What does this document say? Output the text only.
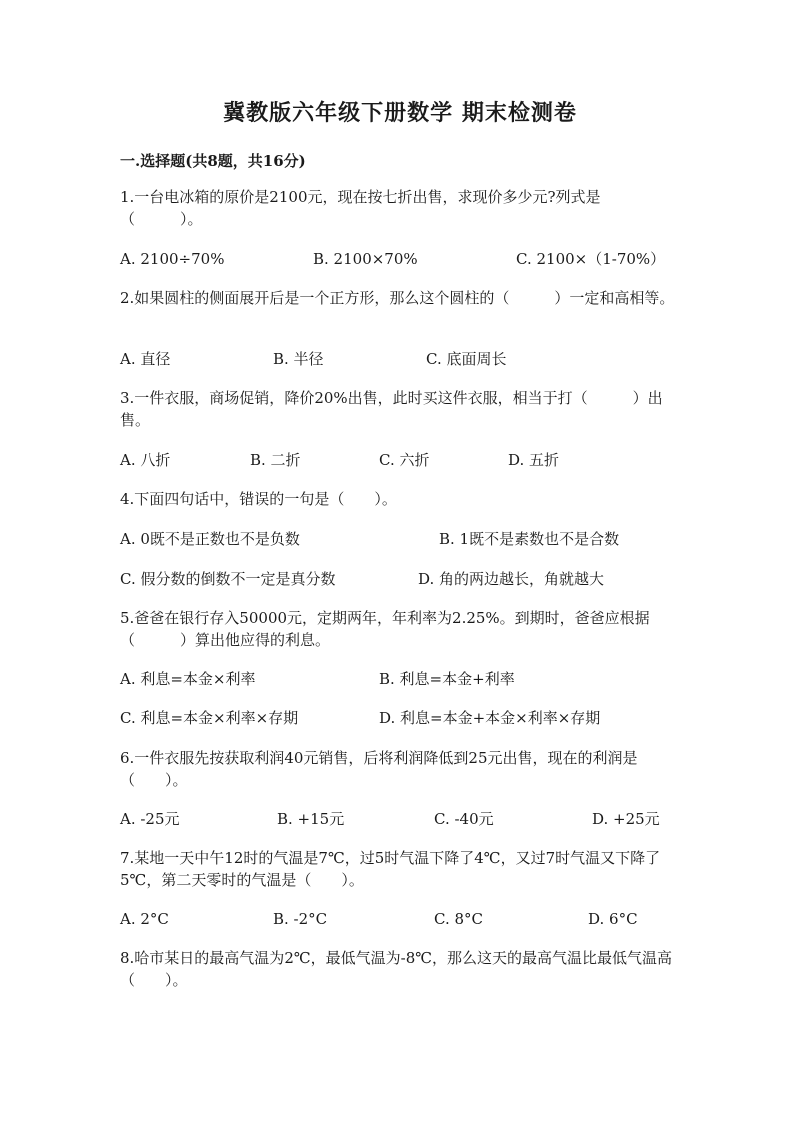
冀教版六年级下册数学 期末检测卷
一.选择题(共8题，共16分)
1.一台电冰箱的原价是2100元，现在按七折出售，求现价多少元?列式是（　　　）。
A. 2100÷70%	B. 2100×70%	C. 2100×（1-70%）
2.如果圆柱的侧面展开后是一个正方形，那么这个圆柱的（　　　）一定和高相等。
A. 直径	B. 半径	C. 底面周长
3.一件衣服，商场促销，降价20%出售，此时买这件衣服，相当于打（　　　）出售。
A. 八折	B. 二折	C. 六折	D. 五折
4.下面四句话中，错误的一句是（　　）。
A. 0既不是正数也不是负数	B. 1既不是素数也不是合数
C. 假分数的倒数不一定是真分数	D. 角的两边越长，角就越大
5.爸爸在银行存入50000元，定期两年，年利率为2.25%。到期时，爸爸应根据（　　　）算出他应得的利息。
A. 利息=本金×利率	B. 利息=本金+利率
C. 利息=本金×利率×存期	D. 利息=本金+本金×利率×存期
6.一件衣服先按获取利润40元销售，后将利润降低到25元出售，现在的利润是（　　）。
A. -25元	B. +15元	C. -40元	D. +25元
7.某地一天中午12时的气温是7℃，过5时气温下降了4℃，又过7时气温又下降了5℃，第二天零时的气温是（　　）。
A. 2°C	B. -2°C	C. 8°C	D. 6°C
8.哈市某日的最高气温为2℃，最低气温为-8℃，那么这天的最高气温比最低气温高（　　）。
